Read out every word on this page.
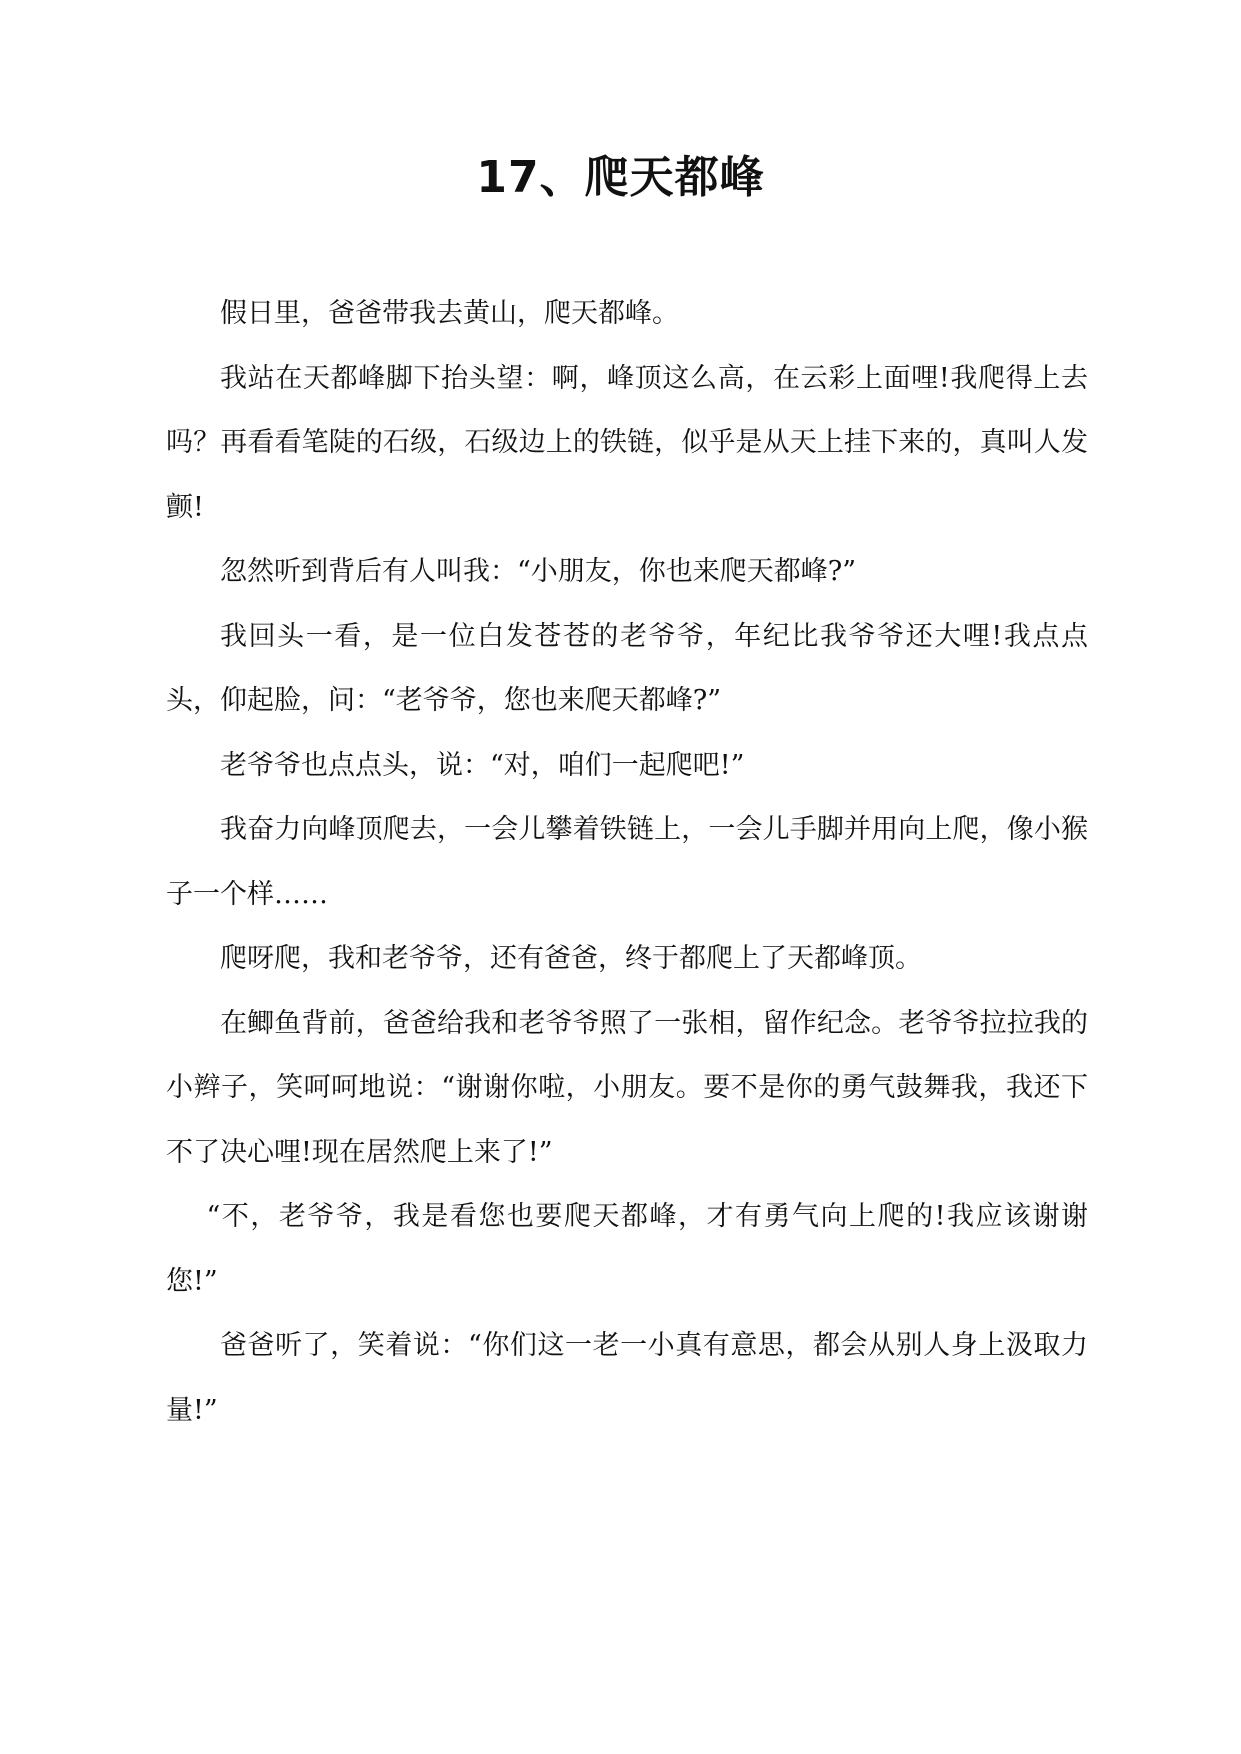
17、爬天都峰

假日里，爸爸带我去黄山，爬天都峰。

我站在天都峰脚下抬头望：啊，峰顶这么高，在云彩上面哩!我爬得上去吗？再看看笔陡的石级，石级边上的铁链，似乎是从天上挂下来的，真叫人发颤!

忽然听到背后有人叫我：“小朋友，你也来爬天都峰?”

我回头一看，是一位白发苍苍的老爷爷，年纪比我爷爷还大哩!我点点头，仰起脸，问：“老爷爷，您也来爬天都峰?”

老爷爷也点点头，说：“对，咱们一起爬吧!”

我奋力向峰顶爬去，一会儿攀着铁链上，一会儿手脚并用向上爬，像小猴子一个样……

爬呀爬，我和老爷爷，还有爸爸，终于都爬上了天都峰顶。

在鲫鱼背前，爸爸给我和老爷爷照了一张相，留作纪念。老爷爷拉拉我的小辫子，笑呵呵地说：“谢谢你啦，小朋友。要不是你的勇气鼓舞我，我还下不了决心哩!现在居然爬上来了!”

“不，老爷爷，我是看您也要爬天都峰，才有勇气向上爬的!我应该谢谢您!”

爸爸听了，笑着说：“你们这一老一小真有意思，都会从别人身上汲取力量!”
